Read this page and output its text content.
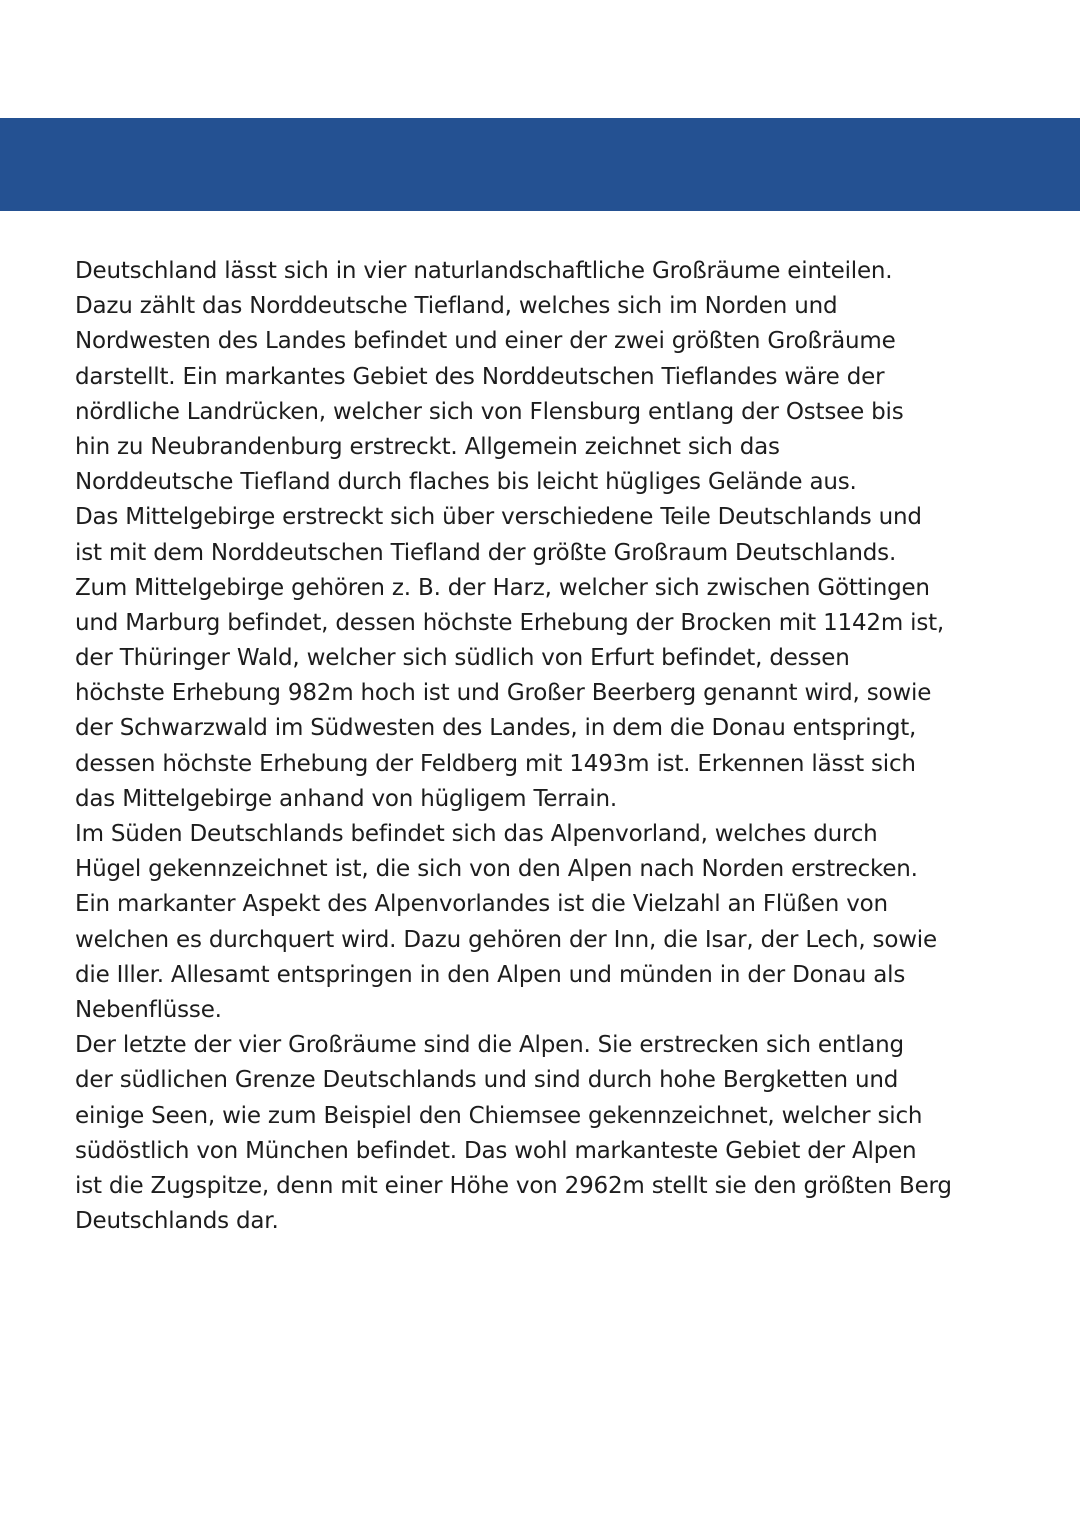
Deutschland lässt sich in vier naturlandschaftliche Großräume einteilen.
Dazu zählt das Norddeutsche Tiefland, welches sich im Norden und
Nordwesten des Landes befindet und einer der zwei größten Großräume
darstellt. Ein markantes Gebiet des Norddeutschen Tieflandes wäre der
nördliche Landrücken, welcher sich von Flensburg entlang der Ostsee bis
hin zu Neubrandenburg erstreckt. Allgemein zeichnet sich das
Norddeutsche Tiefland durch flaches bis leicht hügliges Gelände aus.
Das Mittelgebirge erstreckt sich über verschiedene Teile Deutschlands und
ist mit dem Norddeutschen Tiefland der größte Großraum Deutschlands.
Zum Mittelgebirge gehören z. B. der Harz, welcher sich zwischen Göttingen
und Marburg befindet, dessen höchste Erhebung der Brocken mit 1142m ist,
der Thüringer Wald, welcher sich südlich von Erfurt befindet, dessen
höchste Erhebung 982m hoch ist und Großer Beerberg genannt wird, sowie
der Schwarzwald im Südwesten des Landes, in dem die Donau entspringt,
dessen höchste Erhebung der Feldberg mit 1493m ist. Erkennen lässt sich
das Mittelgebirge anhand von hügligem Terrain.
Im Süden Deutschlands befindet sich das Alpenvorland, welches durch
Hügel gekennzeichnet ist, die sich von den Alpen nach Norden erstrecken.
Ein markanter Aspekt des Alpenvorlandes ist die Vielzahl an Flüßen von
welchen es durchquert wird. Dazu gehören der Inn, die Isar, der Lech, sowie
die Iller. Allesamt entspringen in den Alpen und münden in der Donau als
Nebenflüsse.
Der letzte der vier Großräume sind die Alpen. Sie erstrecken sich entlang
der südlichen Grenze Deutschlands und sind durch hohe Bergketten und
einige Seen, wie zum Beispiel den Chiemsee gekennzeichnet, welcher sich
südöstlich von München befindet. Das wohl markanteste Gebiet der Alpen
ist die Zugspitze, denn mit einer Höhe von 2962m stellt sie den größten Berg
Deutschlands dar.
